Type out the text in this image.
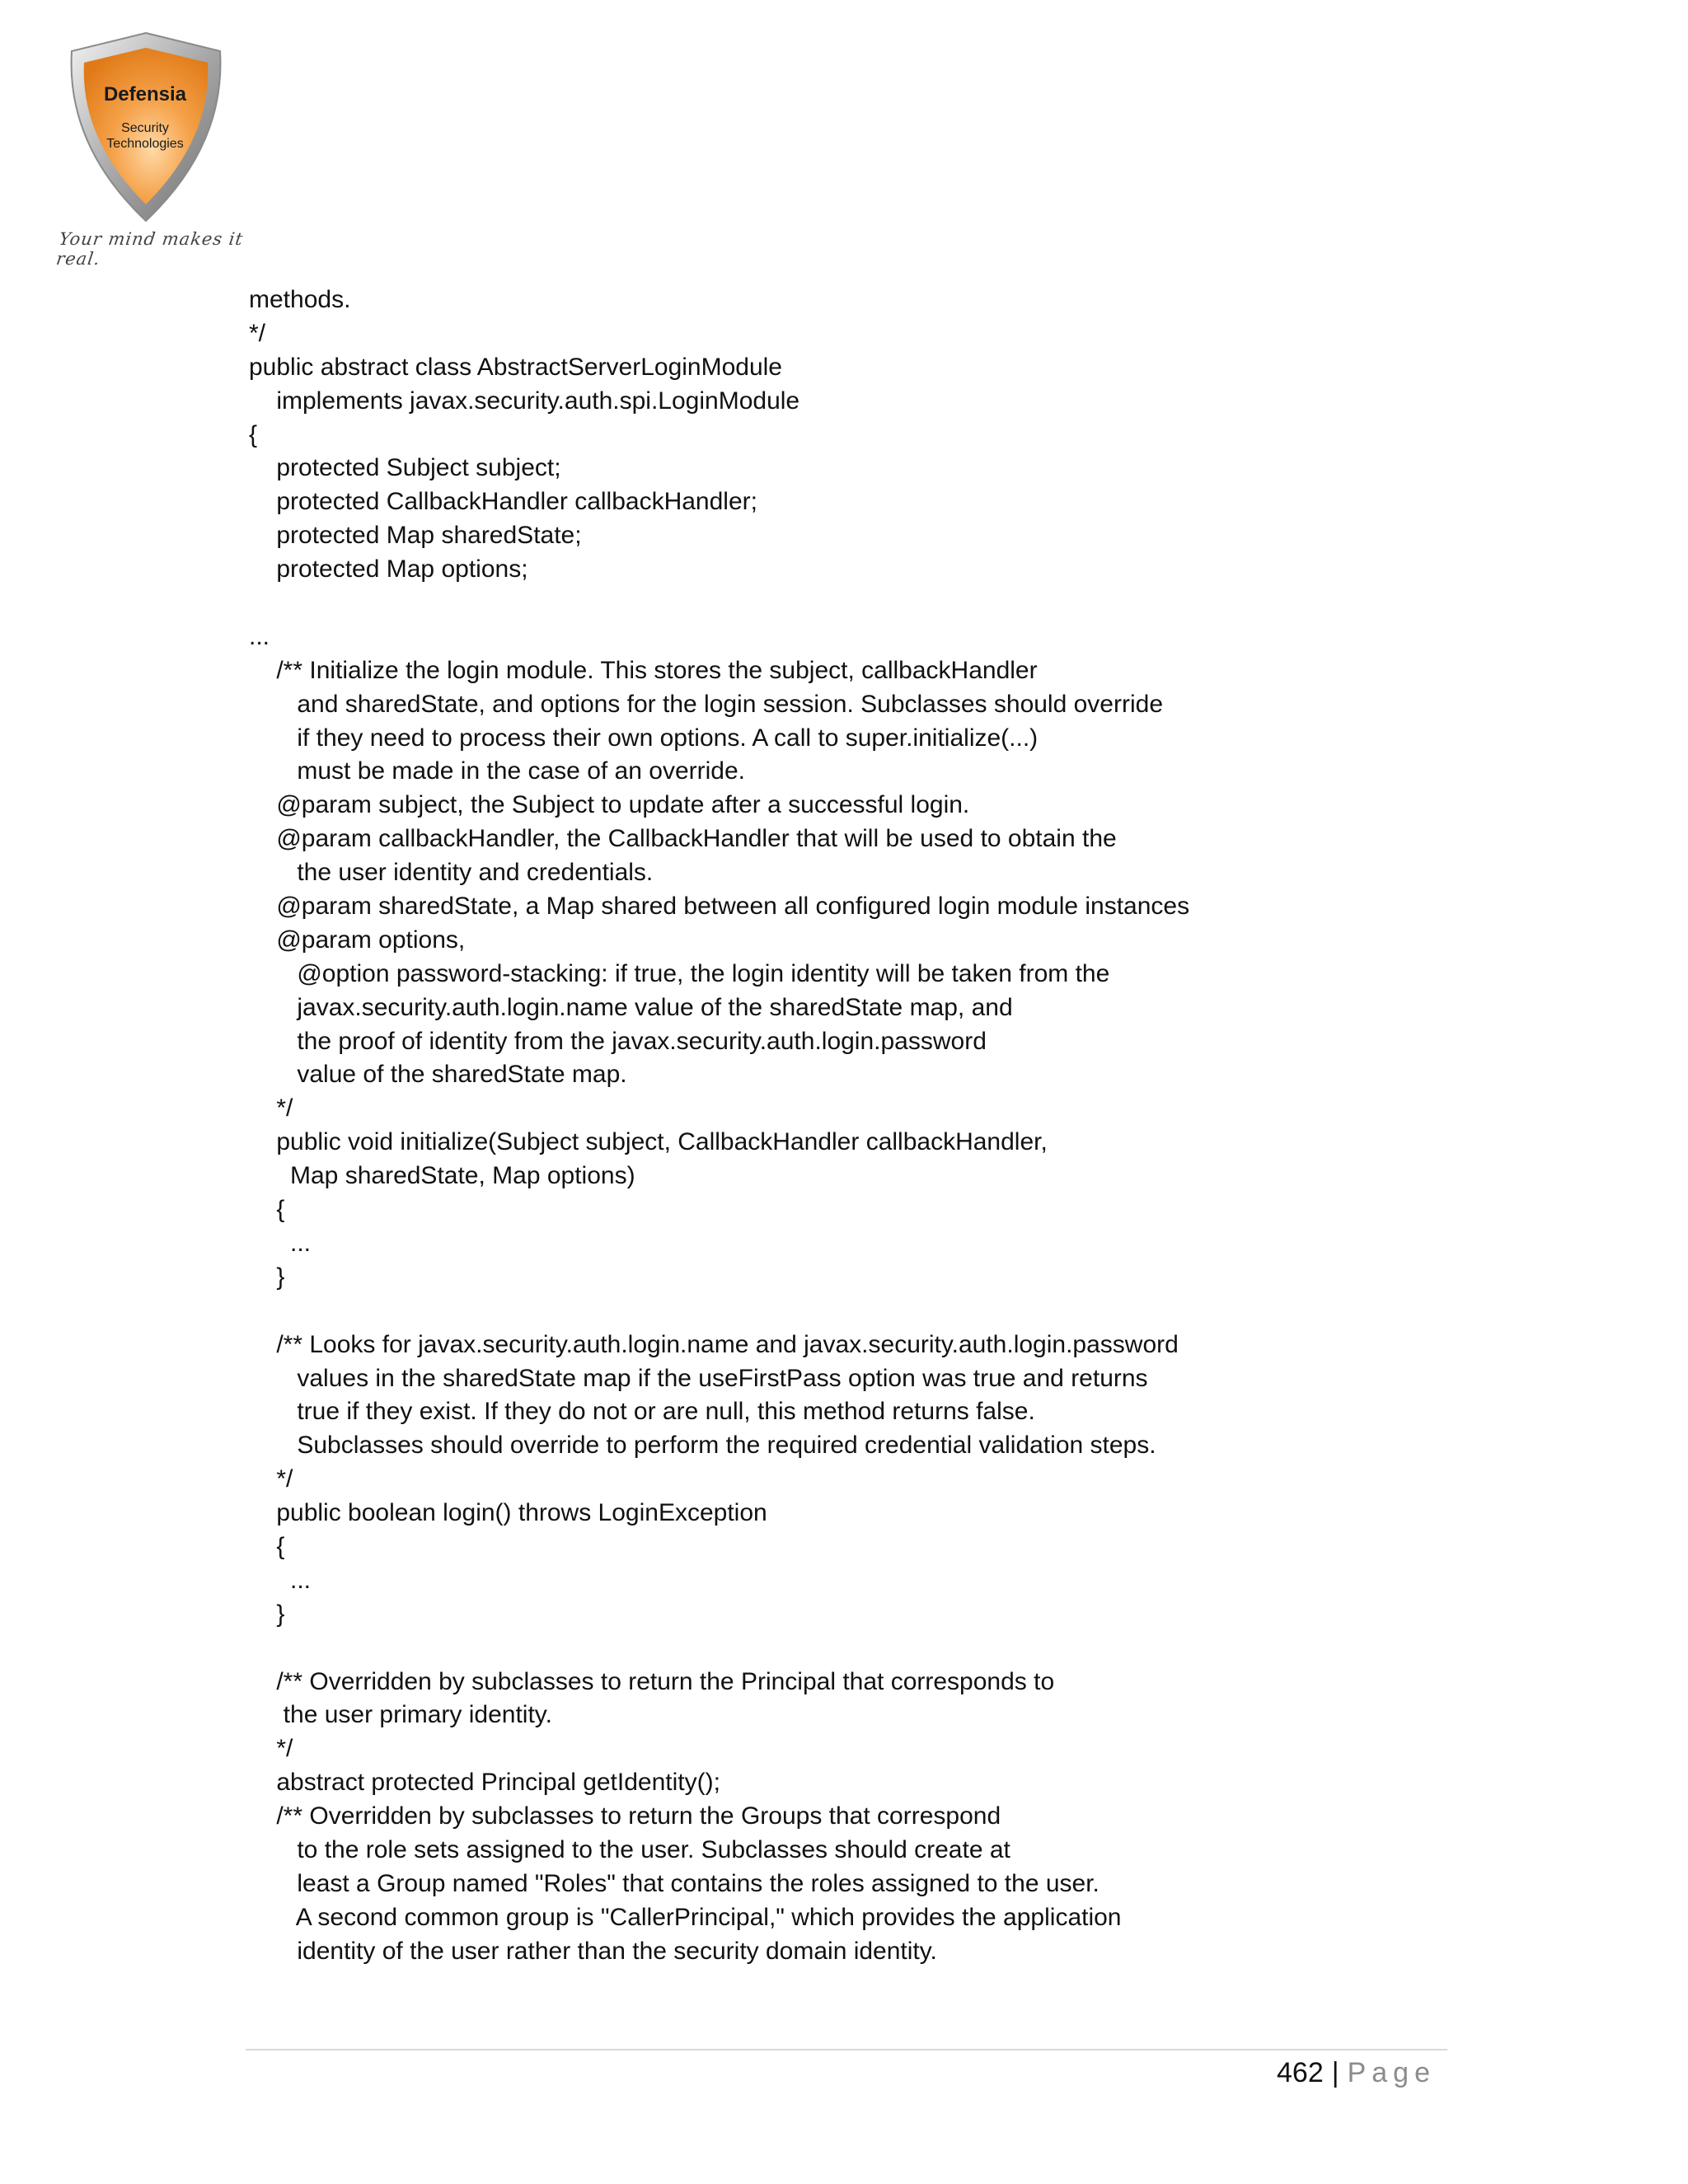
Defensia
Security
Technologies
Your mind makes it real.
methods.
*/
public abstract class AbstractServerLoginModule
implements javax.security.auth.spi.LoginModule
{
protected Subject subject;
protected CallbackHandler callbackHandler;
protected Map sharedState;
protected Map options;
...
/** Initialize the login module. This stores the subject, callbackHandler
and sharedState, and options for the login session. Subclasses should override
if they need to process their own options. A call to super.initialize(...)
must be made in the case of an override.
@param subject, the Subject to update after a successful login.
@param callbackHandler, the CallbackHandler that will be used to obtain the
the user identity and credentials.
@param sharedState, a Map shared between all configured login module instances
@param options,
@option password-stacking: if true, the login identity will be taken from the
javax.security.auth.login.name value of the sharedState map, and
the proof of identity from the javax.security.auth.login.password
value of the sharedState map.
*/
public void initialize(Subject subject, CallbackHandler callbackHandler,
Map sharedState, Map options)
{
...
}
/** Looks for javax.security.auth.login.name and javax.security.auth.login.password
values in the sharedState map if the useFirstPass option was true and returns
true if they exist. If they do not or are null, this method returns false.
Subclasses should override to perform the required credential validation steps.
*/
public boolean login() throws LoginException
{
...
}
/** Overridden by subclasses to return the Principal that corresponds to
the user primary identity.
*/
abstract protected Principal getIdentity();
/** Overridden by subclasses to return the Groups that correspond
to the role sets assigned to the user. Subclasses should create at
least a Group named "Roles" that contains the roles assigned to the user.
A second common group is "CallerPrincipal," which provides the application
identity of the user rather than the security domain identity.
462 | Page
